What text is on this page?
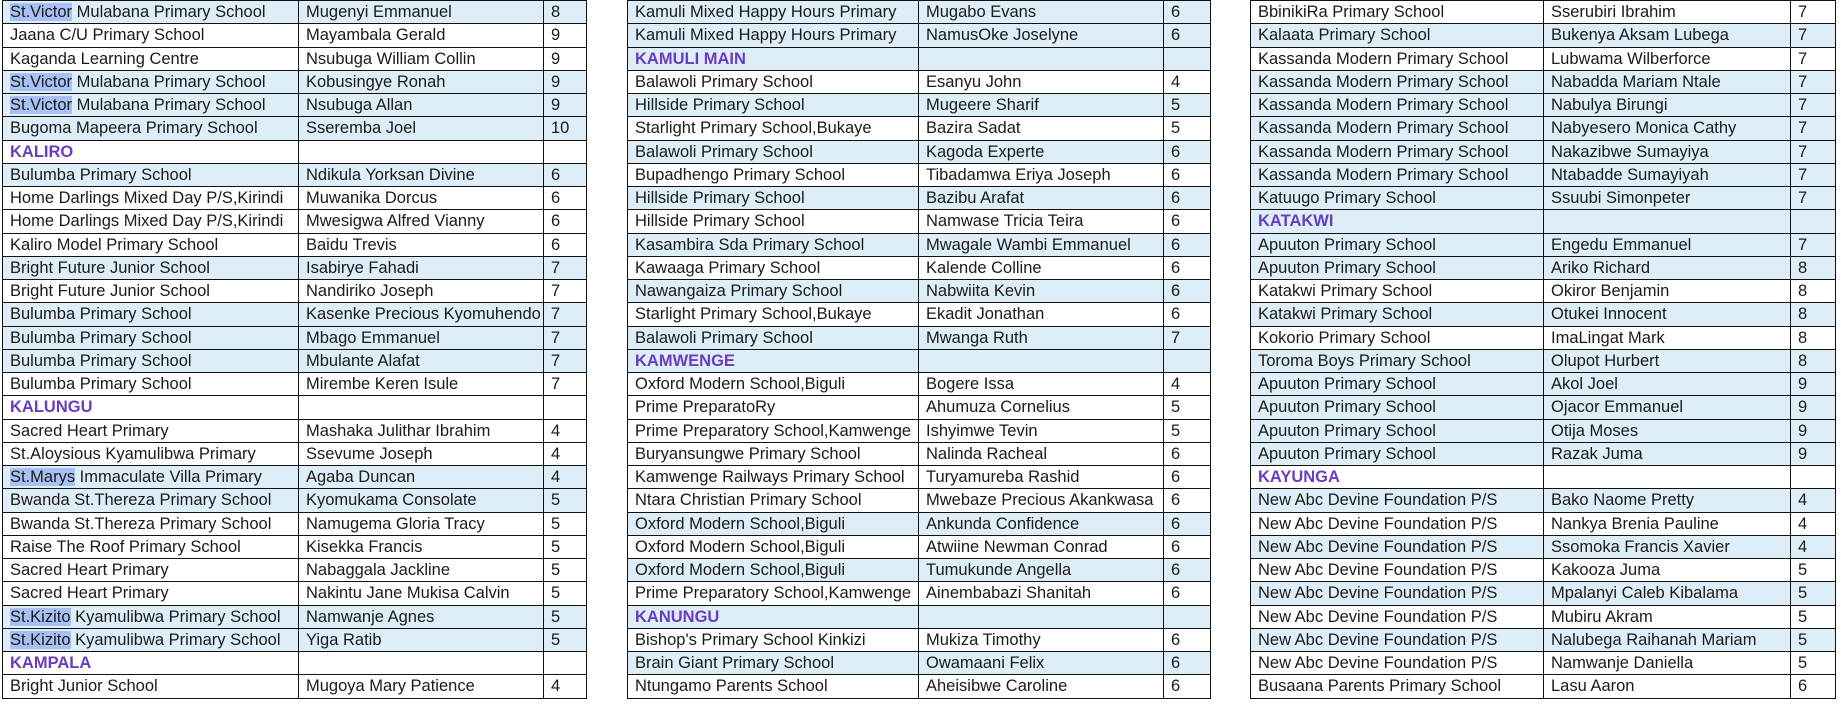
St.Victor Mulabana Primary School	Mugenyi Emmanuel	8
Jaana C/U Primary School	Mayambala Gerald	9
Kaganda Learning Centre	Nsubuga William Collin	9
St.Victor Mulabana Primary School	Kobusingye Ronah	9
St.Victor Mulabana Primary School	Nsubuga Allan	9
Bugoma Mapeera Primary School	Sseremba Joel	10
KALIRO		
Bulumba Primary School	Ndikula Yorksan Divine	6
Home Darlings Mixed Day P/S,Kirindi	Muwanika Dorcus	6
Home Darlings Mixed Day P/S,Kirindi	Mwesigwa Alfred Vianny	6
Kaliro Model Primary School	Baidu Trevis	6
Bright Future Junior School	Isabirye Fahadi	7
Bright Future Junior School	Nandiriko Joseph	7
Bulumba Primary School	Kasenke Precious Kyomuhendo	7
Bulumba Primary School	Mbago Emmanuel	7
Bulumba Primary School	Mbulante Alafat	7
Bulumba Primary School	Mirembe Keren Isule	7
KALUNGU		
Sacred Heart Primary	Mashaka Julithar Ibrahim	4
St.Aloysious Kyamulibwa Primary	Ssevume Joseph	4
St.Marys Immaculate Villa Primary	Agaba Duncan	4
Bwanda St.Thereza Primary School	Kyomukama Consolate	5
Bwanda St.Thereza Primary School	Namugema Gloria Tracy	5
Raise The Roof Primary School	Kisekka Francis	5
Sacred Heart Primary	Nabaggala Jackline	5
Sacred Heart Primary	Nakintu Jane Mukisa Calvin	5
St.Kizito Kyamulibwa Primary School	Namwanje Agnes	5
St.Kizito Kyamulibwa Primary School	Yiga Ratib	5
KAMPALA		
Bright Junior School	Mugoya Mary Patience	4
Kamuli Mixed Happy Hours Primary	Mugabo Evans	6
Kamuli Mixed Happy Hours Primary	NamusOke Joselyne	6
KAMULI MAIN		
Balawoli Primary School	Esanyu John	4
Hillside Primary School	Mugeere Sharif	5
Starlight Primary School,Bukaye	Bazira Sadat	5
Balawoli Primary School	Kagoda Experte	6
Bupadhengo Primary School	Tibadamwa Eriya Joseph	6
Hillside Primary School	Bazibu Arafat	6
Hillside Primary School	Namwase Tricia Teira	6
Kasambira Sda Primary School	Mwagale Wambi Emmanuel	6
Kawaaga Primary School	Kalende Colline	6
Nawangaiza Primary School	Nabwiita Kevin	6
Starlight Primary School,Bukaye	Ekadit Jonathan	6
Balawoli Primary School	Mwanga Ruth	7
KAMWENGE		
Oxford Modern School,Biguli	Bogere Issa	4
Prime PreparatoRy	Ahumuza Cornelius	5
Prime Preparatory School,Kamwenge	Ishyimwe Tevin	5
Buryansungwe Primary School	Nalinda Racheal	6
Kamwenge Railways Primary School	Turyamureba Rashid	6
Ntara Christian Primary School	Mwebaze Precious Akankwasa	6
Oxford Modern School,Biguli	Ankunda Confidence	6
Oxford Modern School,Biguli	Atwiine Newman Conrad	6
Oxford Modern School,Biguli	Tumukunde Angella	6
Prime Preparatory School,Kamwenge	Ainembabazi Shanitah	6
KANUNGU		
Bishop's Primary School Kinkizi	Mukiza Timothy	6
Brain Giant Primary School	Owamaani Felix	6
Ntungamo Parents School	Aheisibwe Caroline	6
BbinikiRa Primary School	Sserubiri Ibrahim	7
Kalaata Primary School	Bukenya Aksam Lubega	7
Kassanda Modern Primary School	Lubwama Wilberforce	7
Kassanda Modern Primary School	Nabadda Mariam Ntale	7
Kassanda Modern Primary School	Nabulya Birungi	7
Kassanda Modern Primary School	Nabyesero Monica Cathy	7
Kassanda Modern Primary School	Nakazibwe Sumayiya	7
Kassanda Modern Primary School	Ntabadde Sumayiyah	7
Katuugo Primary School	Ssuubi Simonpeter	7
KATAKWI		
Apuuton Primary School	Engedu Emmanuel	7
Apuuton Primary School	Ariko Richard	8
Katakwi Primary School	Okiror Benjamin	8
Katakwi Primary School	Otukei Innocent	8
Kokorio Primary School	ImaLingat Mark	8
Toroma Boys Primary School	Olupot Hurbert	8
Apuuton Primary School	Akol Joel	9
Apuuton Primary School	Ojacor Emmanuel	9
Apuuton Primary School	Otija Moses	9
Apuuton Primary School	Razak Juma	9
KAYUNGA		
New Abc Devine Foundation P/S	Bako Naome Pretty	4
New Abc Devine Foundation P/S	Nankya Brenia Pauline	4
New Abc Devine Foundation P/S	Ssomoka Francis Xavier	4
New Abc Devine Foundation P/S	Kakooza Juma	5
New Abc Devine Foundation P/S	Mpalanyi Caleb Kibalama	5
New Abc Devine Foundation P/S	Mubiru Akram	5
New Abc Devine Foundation P/S	Nalubega Raihanah Mariam	5
New Abc Devine Foundation P/S	Namwanje Daniella	5
Busaana Parents Primary School	Lasu Aaron	6
